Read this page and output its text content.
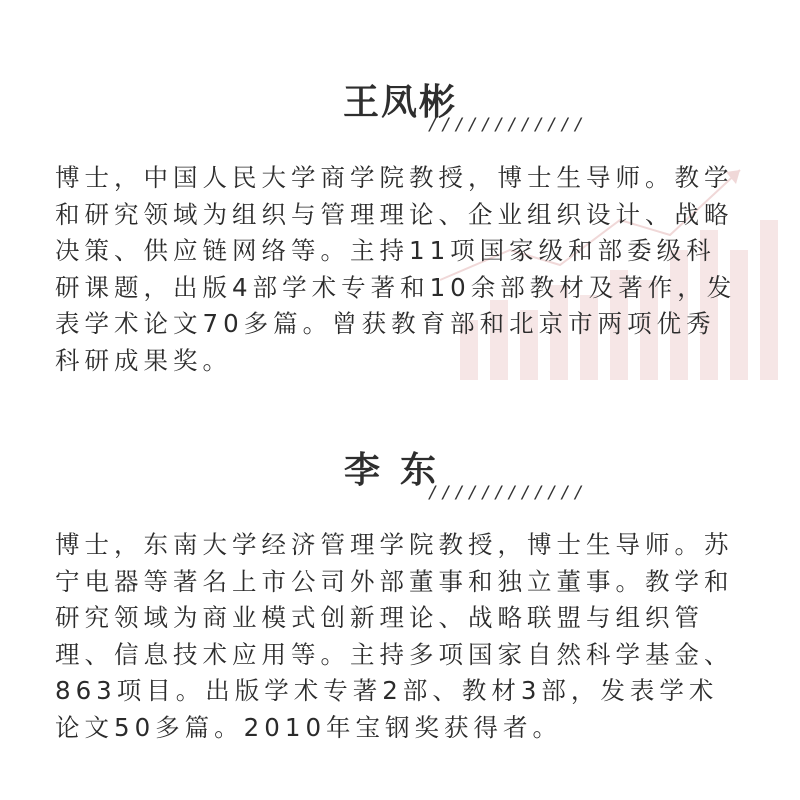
王凤彬
////////////

博士，中国人民大学商学院教授，博士生导师。教学和研究领域为组织与管理理论、企业组织设计、战略决策、供应链网络等。主持11项国家级和部委级科研课题，出版4部学术专著和10余部教材及著作，发表学术论文70多篇。曾获教育部和北京市两项优秀科研成果奖。

李东
////////////

博士，东南大学经济管理学院教授，博士生导师。苏宁电器等著名上市公司外部董事和独立董事。教学和研究领域为商业模式创新理论、战略联盟与组织管理、信息技术应用等。主持多项国家自然科学基金、863项目。出版学术专著2部、教材3部，发表学术论文50多篇。2010年宝钢奖获得者。
